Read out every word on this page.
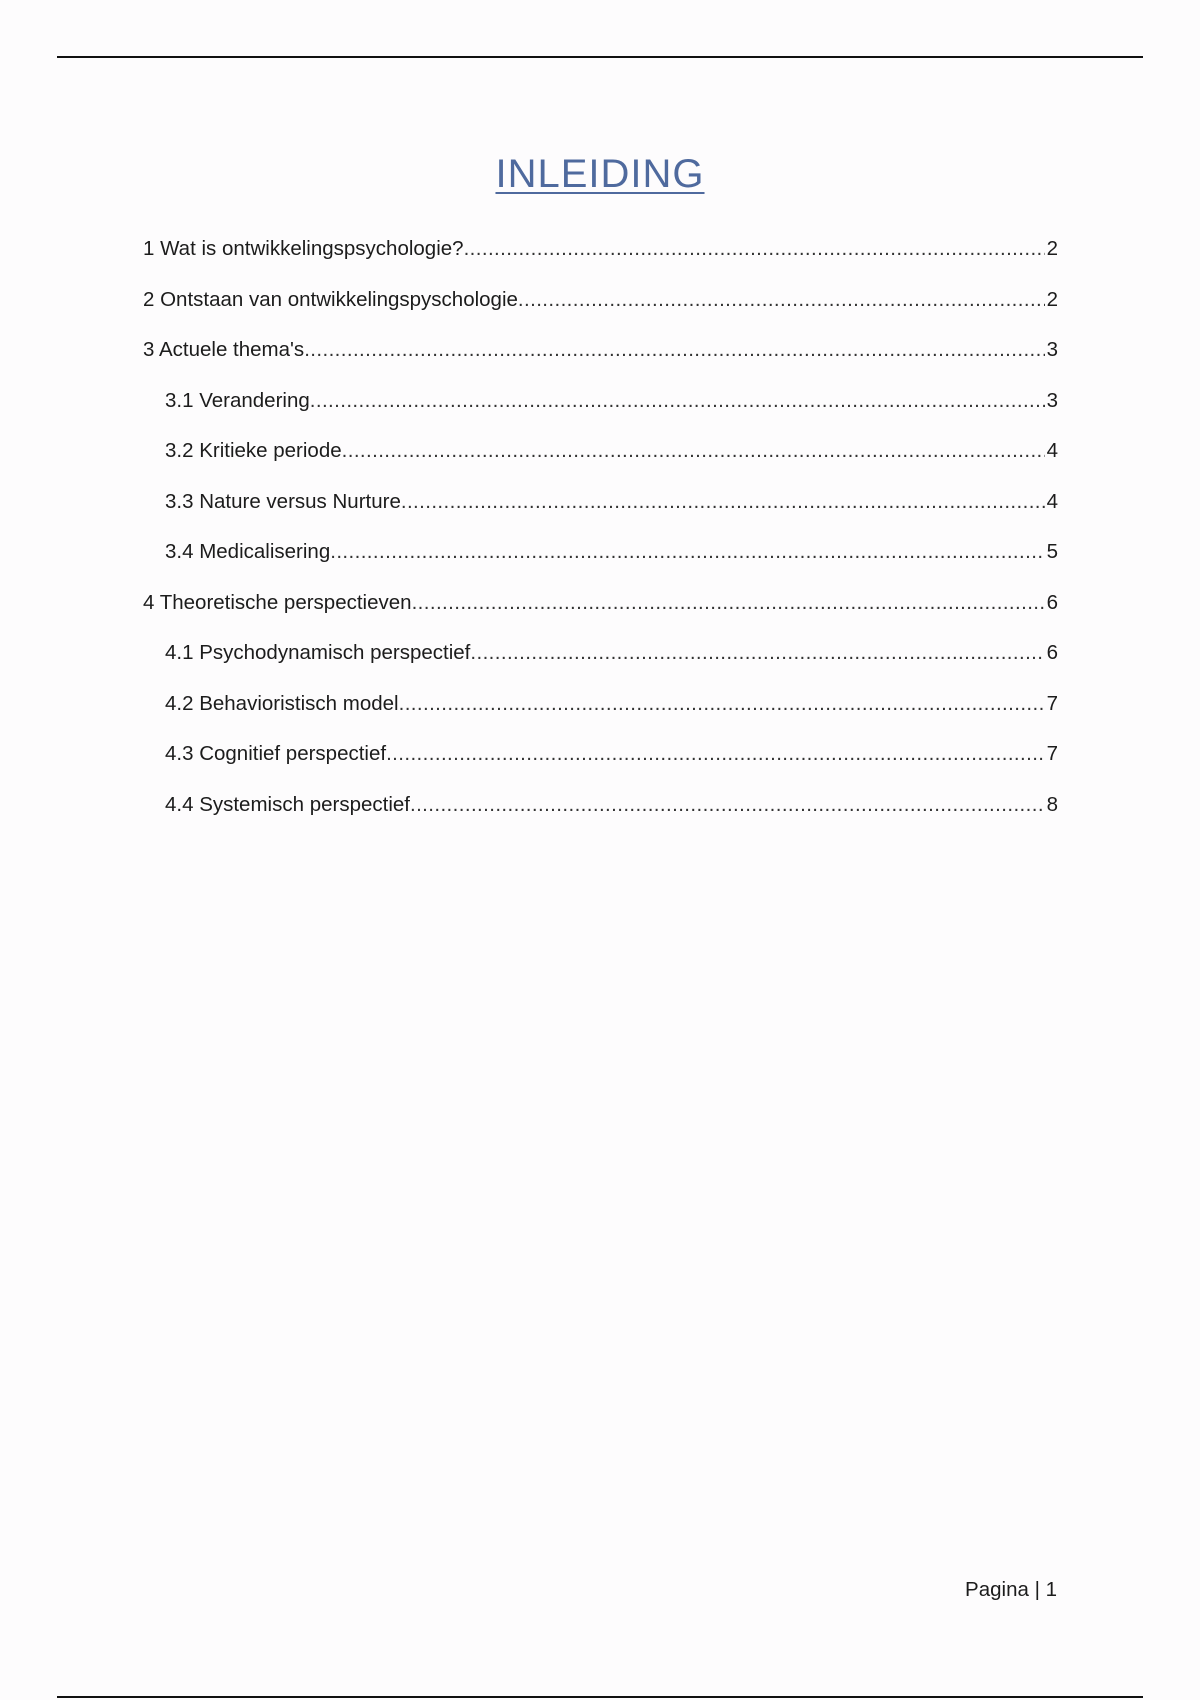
INLEIDING
1 Wat is ontwikkelingspsychologie? .....	2
2 Ontstaan van ontwikkelingspyschologie .....	2
3 Actuele thema's .....	3
3.1 Verandering .....	3
3.2 Kritieke periode .....	4
3.3 Nature versus Nurture .....	4
3.4 Medicalisering .....	5
4 Theoretische perspectieven .....	6
4.1 Psychodynamisch perspectief .....	6
4.2 Behavioristisch model .....	7
4.3 Cognitief perspectief .....	7
4.4 Systemisch perspectief .....	8
Pagina | 1
